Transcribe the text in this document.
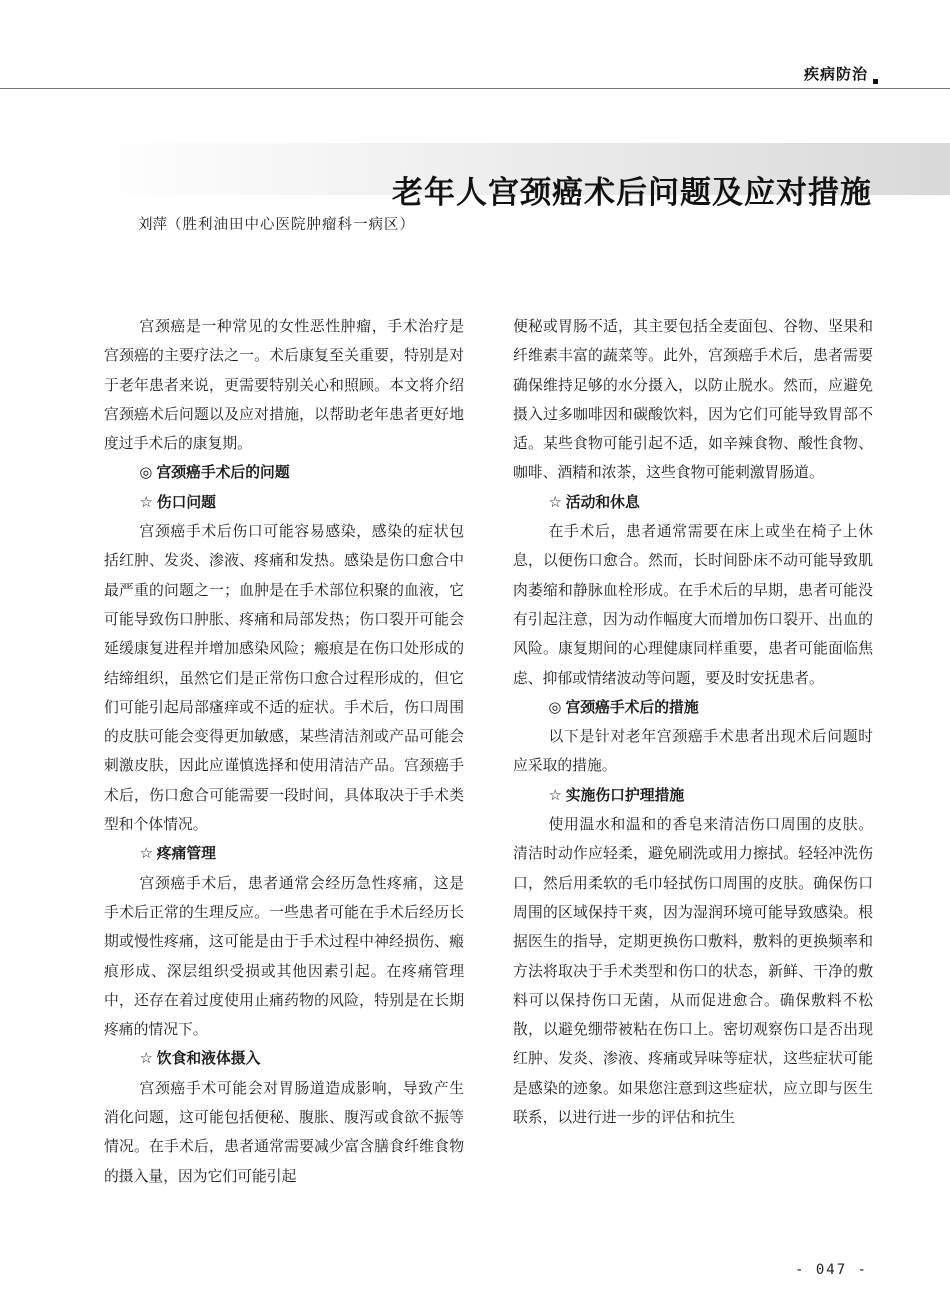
疾病防治
老年人宫颈癌术后问题及应对措施
刘萍（胜利油田中心医院肿瘤科一病区）

宫颈癌是一种常见的女性恶性肿瘤，手术治疗是宫颈癌的主要疗法之一。术后康复至关重要，特别是对于老年患者来说，更需要特别关心和照顾。本文将介绍宫颈癌术后问题以及应对措施，以帮助老年患者更好地度过手术后的康复期。

◎ 宫颈癌手术后的问题
☆ 伤口问题

宫颈癌手术后伤口可能容易感染，感染的症状包括红肿、发炎、渗液、疼痛和发热。感染是伤口愈合中最严重的问题之一；血肿是在手术部位积聚的血液，它可能导致伤口肿胀、疼痛和局部发热；伤口裂开可能会延缓康复进程并增加感染风险；瘢痕是在伤口处形成的结缔组织，虽然它们是正常伤口愈合过程形成的，但它们可能引起局部瘙痒或不适的症状。手术后，伤口周围的皮肤可能会变得更加敏感，某些清洁剂或产品可能会刺激皮肤，因此应谨慎选择和使用清洁产品。宫颈癌手术后，伤口愈合可能需要一段时间，具体取决于手术类型和个体情况。

☆ 疼痛管理

宫颈癌手术后，患者通常会经历急性疼痛，这是手术后正常的生理反应。一些患者可能在手术后经历长期或慢性疼痛，这可能是由于手术过程中神经损伤、瘢痕形成、深层组织受损或其他因素引起。在疼痛管理中，还存在着过度使用止痛药物的风险，特别是在长期疼痛的情况下。

☆ 饮食和液体摄入

宫颈癌手术可能会对胃肠道造成影响，导致产生消化问题，这可能包括便秘、腹胀、腹泻或食欲不振等情况。在手术后，患者通常需要减少富含膳食纤维食物的摄入量，因为它们可能引起

便秘或胃肠不适，其主要包括全麦面包、谷物、坚果和纤维素丰富的蔬菜等。此外，宫颈癌手术后，患者需要确保维持足够的水分摄入，以防止脱水。然而，应避免摄入过多咖啡因和碳酸饮料，因为它们可能导致胃部不适。某些食物可能引起不适，如辛辣食物、酸性食物、咖啡、酒精和浓茶，这些食物可能刺激胃肠道。

☆ 活动和休息

在手术后，患者通常需要在床上或坐在椅子上休息，以便伤口愈合。然而，长时间卧床不动可能导致肌肉萎缩和静脉血栓形成。在手术后的早期，患者可能没有引起注意，因为动作幅度大而增加伤口裂开、出血的风险。康复期间的心理健康同样重要，患者可能面临焦虑、抑郁或情绪波动等问题，要及时安抚患者。

◎ 宫颈癌手术后的措施

以下是针对老年宫颈癌手术患者出现术后问题时应采取的措施。

☆ 实施伤口护理措施

使用温水和温和的香皂来清洁伤口周围的皮肤。清洁时动作应轻柔，避免刷洗或用力擦拭。轻轻冲洗伤口，然后用柔软的毛巾轻拭伤口周围的皮肤。确保伤口周围的区域保持干爽，因为湿润环境可能导致感染。根据医生的指导，定期更换伤口敷料，敷料的更换频率和方法将取决于手术类型和伤口的状态，新鲜、干净的敷料可以保持伤口无菌，从而促进愈合。确保敷料不松散，以避免绷带被粘在伤口上。密切观察伤口是否出现红肿、发炎、渗液、疼痛或异味等症状，这些症状可能是感染的迹象。如果您注意到这些症状，应立即与医生联系，以进行进一步的评估和抗生

- 047 -
